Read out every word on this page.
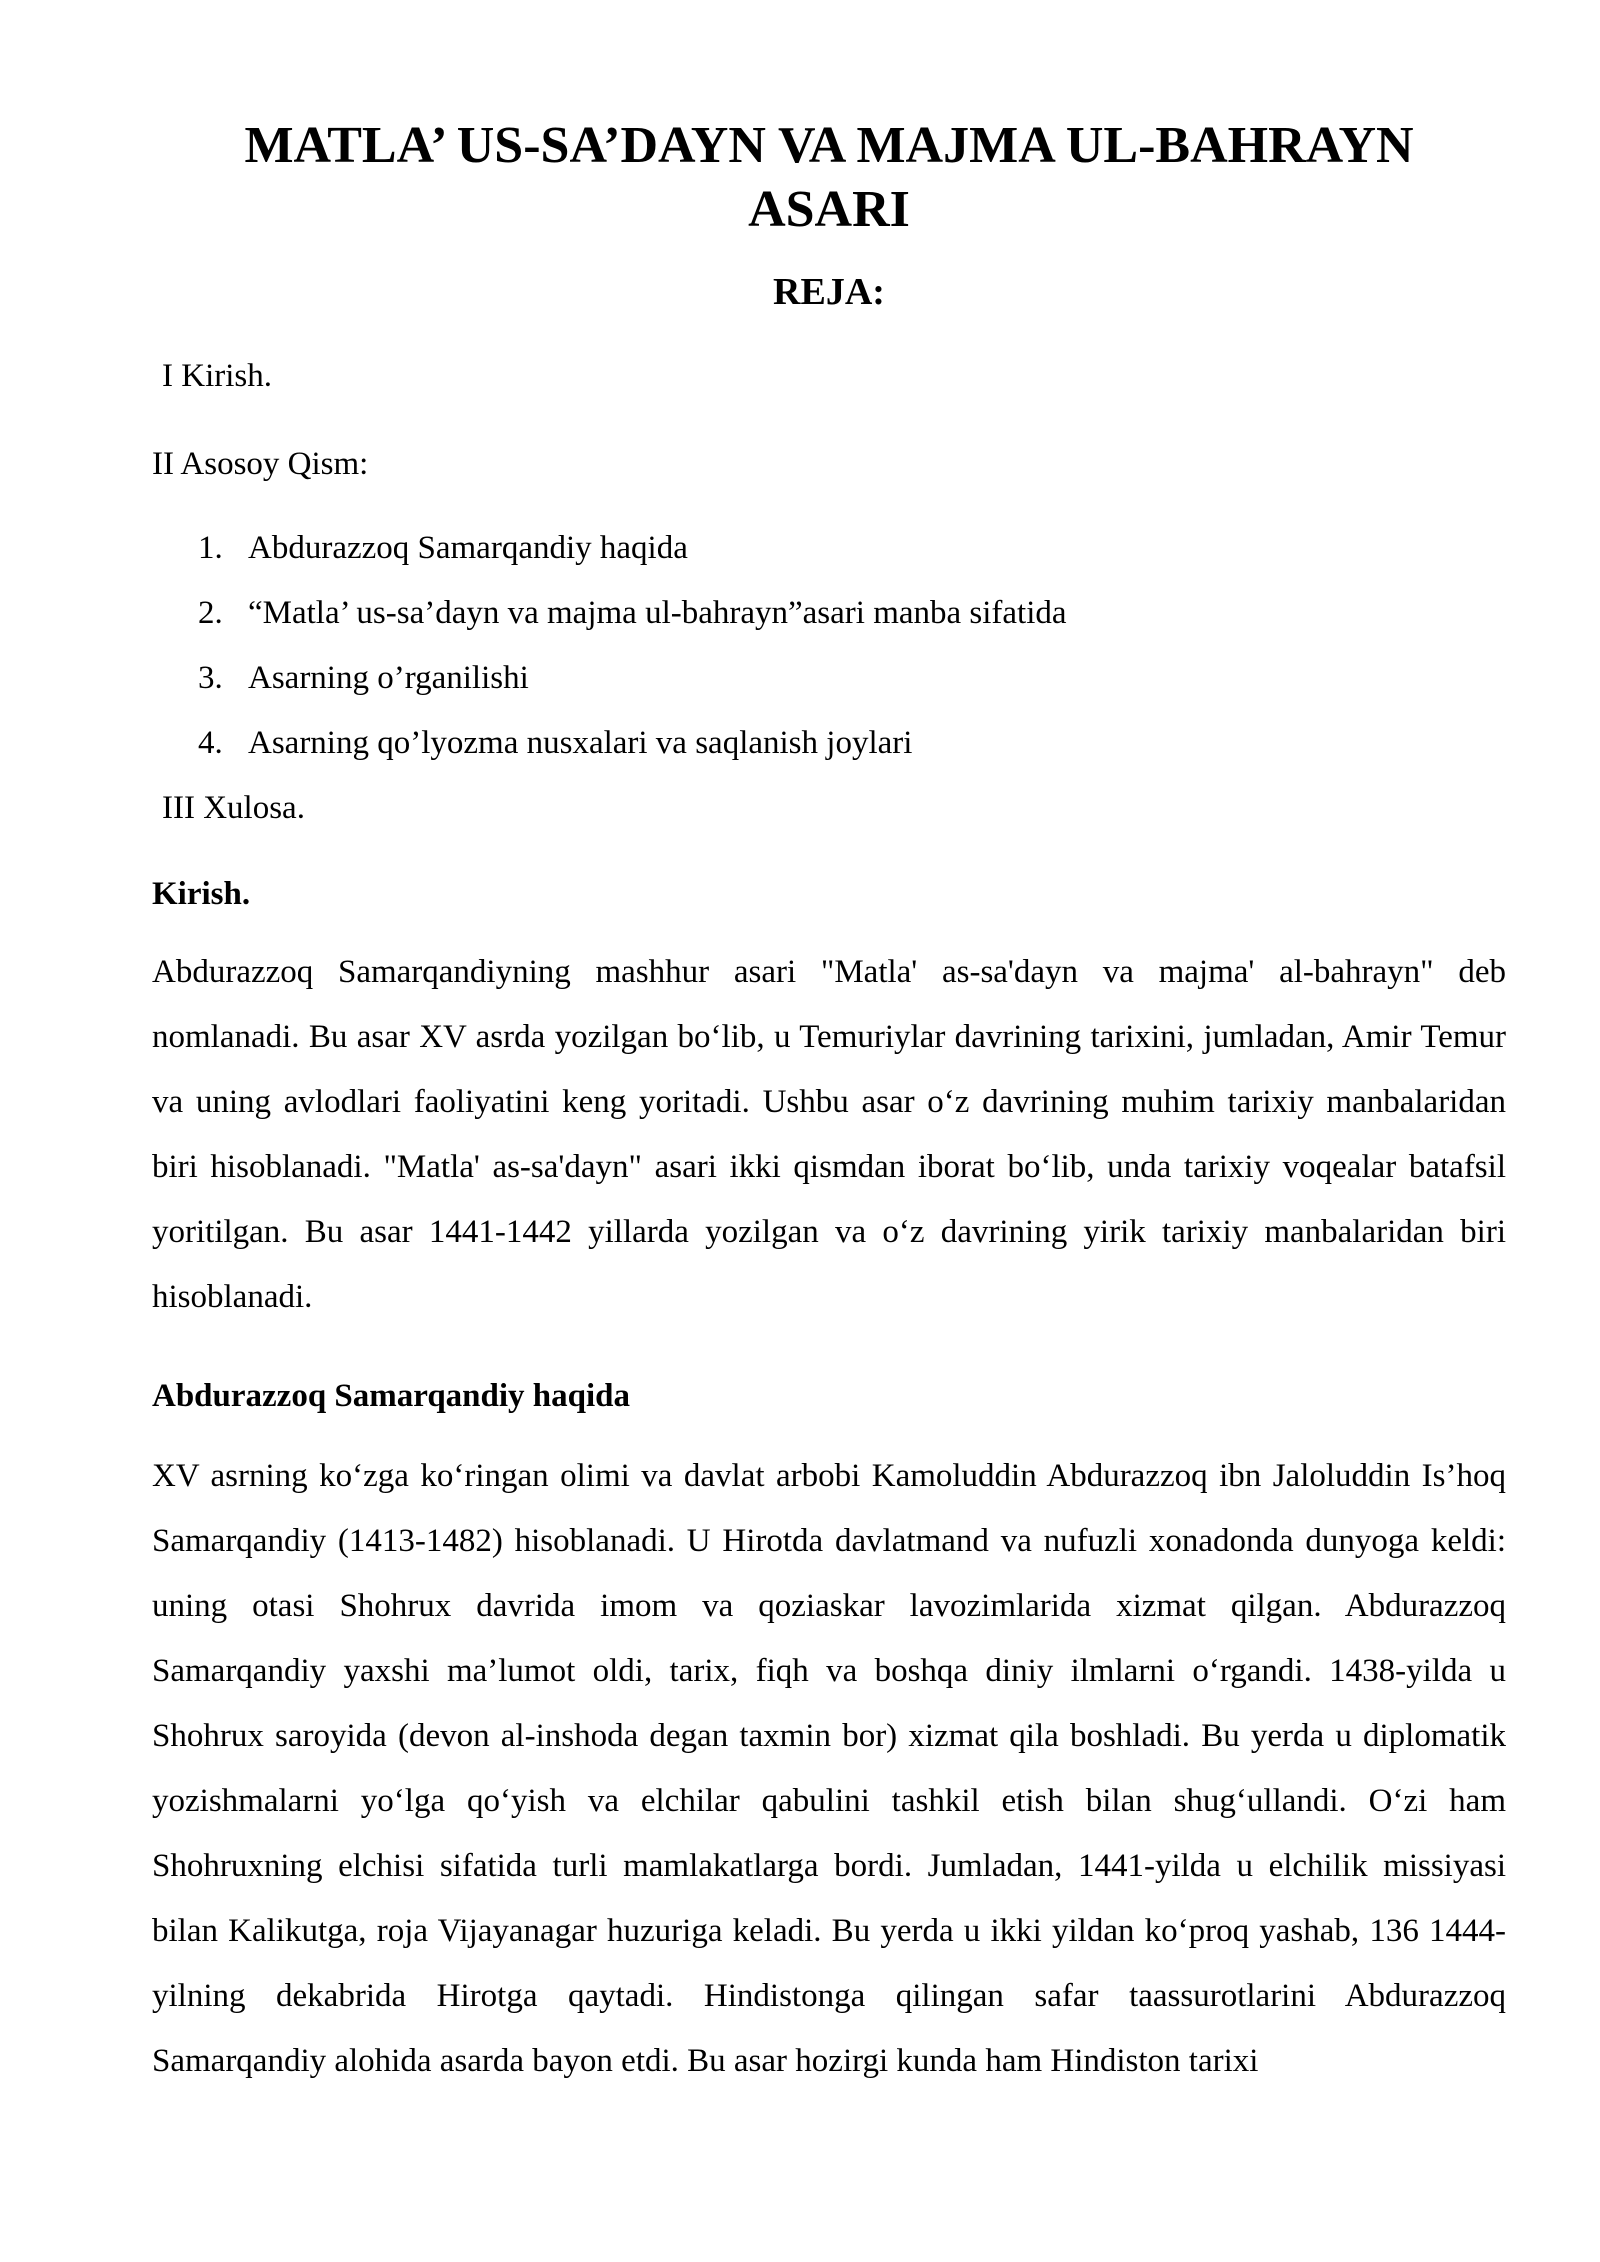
MATLA’ US-SA’DAYN VA MAJMA UL-BAHRAYN
ASARI
REJA:

I Kirish.

II Asosoy Qism:

1. Abdurazzoq Samarqandiy haqida
2. “Matla’ us-sa’dayn va majma ul-bahrayn”asari manba sifatida
3. Asarning o’rganilishi
4. Asarning qo’lyozma nusxalari va saqlanish joylari

III Xulosa.

Kirish.

Abdurazzoq Samarqandiyning mashhur asari "Matla' as-sa'dayn va majma' al-bahrayn" deb nomlanadi. Bu asar XV asrda yozilgan boʻlib, u Temuriylar davrining tarixini, jumladan, Amir Temur va uning avlodlari faoliyatini keng yoritadi. Ushbu asar oʻz davrining muhim tarixiy manbalaridan biri hisoblanadi. "Matla' as-sa'dayn" asari ikki qismdan iborat boʻlib, unda tarixiy voqealar batafsil yoritilgan. Bu asar 1441-1442 yillarda yozilgan va oʻz davrining yirik tarixiy manbalaridan biri hisoblanadi.

Abdurazzoq Samarqandiy haqida

XV asrning koʻzga koʻringan olimi va davlat arbobi Kamoluddin Abdurazzoq ibn Jaloluddin Is’hoq Samarqandiy (1413-1482) hisoblanadi. U Hirotda davlatmand va nufuzli xonadonda dunyoga keldi: uning otasi Shohrux davrida imom va qoziaskar lavozimlarida xizmat qilgan. Abdurazzoq Samarqandiy yaxshi ma’lumot oldi, tarix, fiqh va boshqa diniy ilmlarni oʻrgandi. 1438-yilda u Shohrux saroyida (devon al-inshoda degan taxmin bor) xizmat qila boshladi. Bu yerda u diplomatik yozishmalarni yoʻlga qoʻyish va elchilar qabulini tashkil etish bilan shugʻullandi. Oʻzi ham Shohruxning elchisi sifatida turli mamlakatlarga bordi. Jumladan, 1441-yilda u elchilik missiyasi bilan Kalikutga, roja Vijayanagar huzuriga keladi. Bu yerda u ikki yildan koʻproq yashab, 136 1444-yilning dekabrida Hirotga qaytadi. Hindistonga qilingan safar taassurotlarini Abdurazzoq Samarqandiy alohida asarda bayon etdi. Bu asar hozirgi kunda ham Hindiston tarixi
